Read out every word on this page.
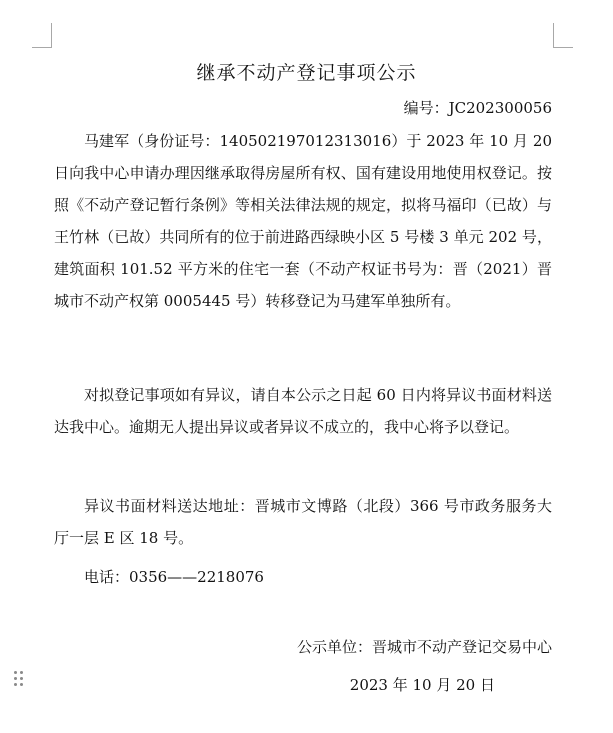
继承不动产登记事项公示
编号：JC202300056

马建军（身份证号：140502197012313016）于 2023 年 10 月 20 日向我中心申请办理因继承取得房屋所有权、国有建设用地使用权登记。按照《不动产登记暂行条例》等相关法律法规的规定，拟将马福印（已故）与王竹林（已故）共同所有的位于前进路西绿映小区 5 号楼 3 单元 202 号，建筑面积 101.52 平方米的住宅一套（不动产权证书号为：晋（2021）晋城市不动产权第 0005445 号）转移登记为马建军单独所有。

对拟登记事项如有异议，请自本公示之日起 60 日内将异议书面材料送达我中心。逾期无人提出异议或者异议不成立的，我中心将予以登记。

异议书面材料送达地址：晋城市文博路（北段）366 号市政务服务大厅一层 E 区 18 号。

电话：0356——2218076
公示单位：晋城市不动产登记交易中心
2023 年 10 月 20 日
